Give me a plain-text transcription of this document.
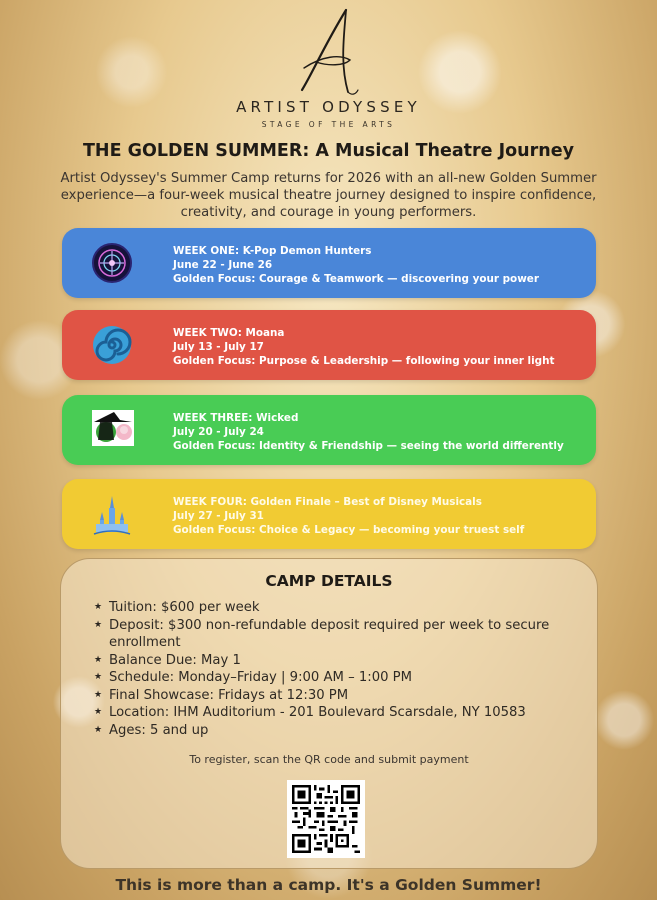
ARTIST ODYSSEY
STAGE OF THE ARTS
THE GOLDEN SUMMER: A Musical Theatre Journey
Artist Odyssey's Summer Camp returns for 2026 with an all-new Golden Summer experience—a four-week musical theatre journey designed to inspire confidence, creativity, and courage in young performers.
WEEK ONE: K-Pop Demon Hunters
June 22 - June 26
Golden Focus: Courage & Teamwork — discovering your power
WEEK TWO: Moana
July 13 - July 17
Golden Focus: Purpose & Leadership — following your inner light
WEEK THREE: Wicked
July 20 - July 24
Golden Focus: Identity & Friendship — seeing the world differently
WEEK FOUR: Golden Finale – Best of Disney Musicals
July 27 - July 31
Golden Focus: Choice & Legacy — becoming your truest self
CAMP DETAILS
★ Tuition: $600 per week
★ Deposit: $300 non-refundable deposit required per week to secure enrollment
★ Balance Due: May 1
★ Schedule: Monday–Friday | 9:00 AM – 1:00 PM
★ Final Showcase: Fridays at 12:30 PM
★ Location: IHM Auditorium - 201 Boulevard Scarsdale, NY 10583
★ Ages: 5 and up
To register, scan the QR code and submit payment
This is more than a camp. It's a Golden Summer!
